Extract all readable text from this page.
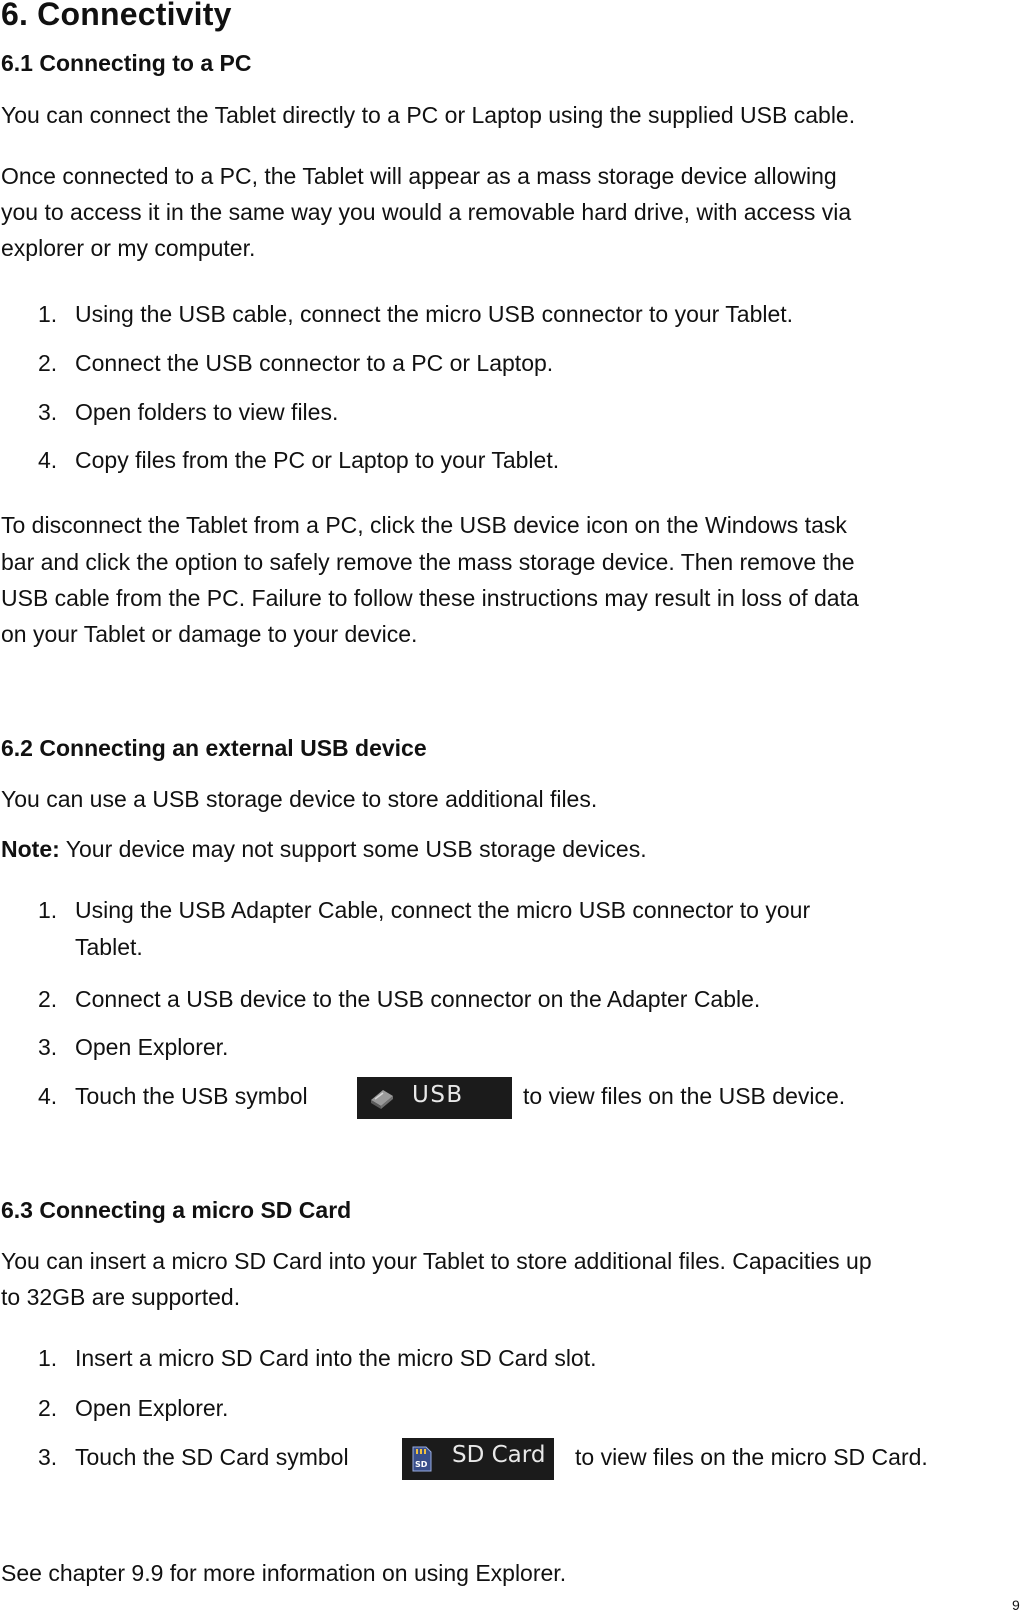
6. Connectivity
6.1 Connecting to a PC
You can connect the Tablet directly to a PC or Laptop using the supplied USB cable.
Once connected to a PC, the Tablet will appear as a mass storage device allowing
you to access it in the same way you would a removable hard drive, with access via
explorer or my computer.
1. Using the USB cable, connect the micro USB connector to your Tablet.
2. Connect the USB connector to a PC or Laptop.
3. Open folders to view files.
4. Copy files from the PC or Laptop to your Tablet.
To disconnect the Tablet from a PC, click the USB device icon on the Windows task
bar and click the option to safely remove the mass storage device. Then remove the
USB cable from the PC. Failure to follow these instructions may result in loss of data
on your Tablet or damage to your device.
6.2 Connecting an external USB device
You can use a USB storage device to store additional files.
Note: Your device may not support some USB storage devices.
1. Using the USB Adapter Cable, connect the micro USB connector to your
Tablet.
2. Connect a USB device to the USB connector on the Adapter Cable.
3. Open Explorer.
4. Touch the USB symbol	USB	to view files on the USB device.
6.3 Connecting a micro SD Card
You can insert a micro SD Card into your Tablet to store additional files. Capacities up
to 32GB are supported.
1. Insert a micro SD Card into the micro SD Card slot.
2. Open Explorer.
3. Touch the SD Card symbol	SD SD Card to view files on the micro SD Card.
See chapter 9.9 for more information on using Explorer.
9
